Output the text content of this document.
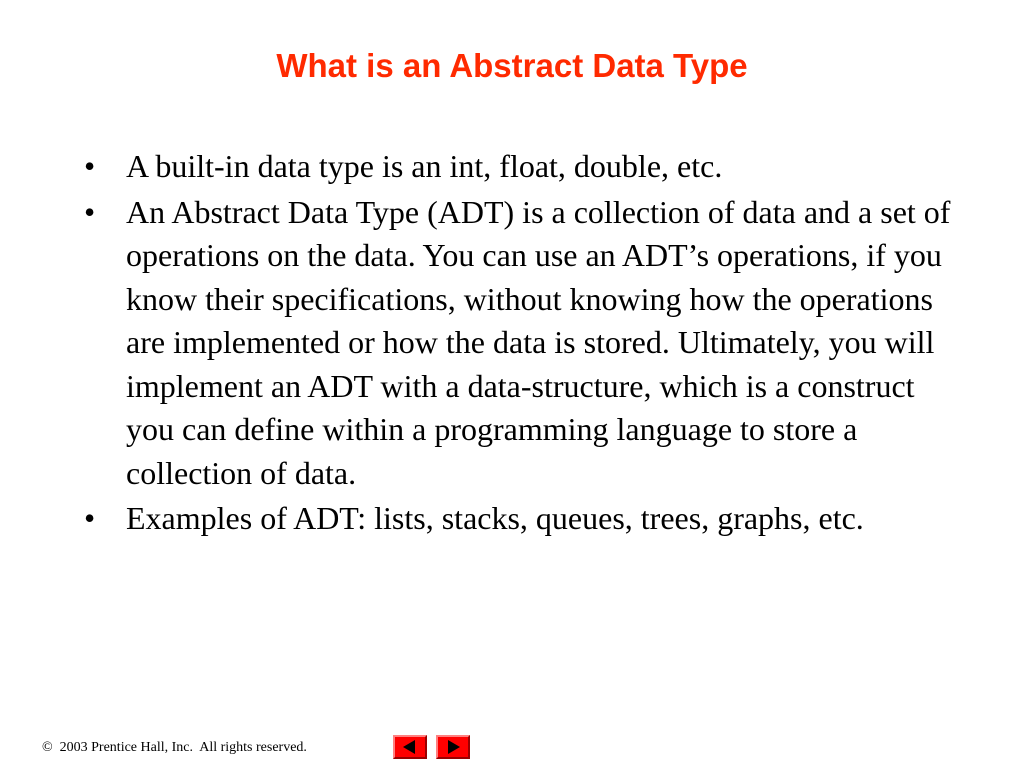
What is an Abstract Data Type
• A built-in data type is an int, float, double, etc.
• An Abstract Data Type (ADT) is a collection of data and a set of operations on the data. You can use an ADT’s operations, if you know their specifications, without knowing how the operations are implemented or how the data is stored. Ultimately, you will implement an ADT with a data-structure, which is a construct you can define within a programming language to store a collection of data.
• Examples of ADT: lists, stacks, queues, trees, graphs, etc.
©  2003 Prentice Hall, Inc.  All rights reserved.
